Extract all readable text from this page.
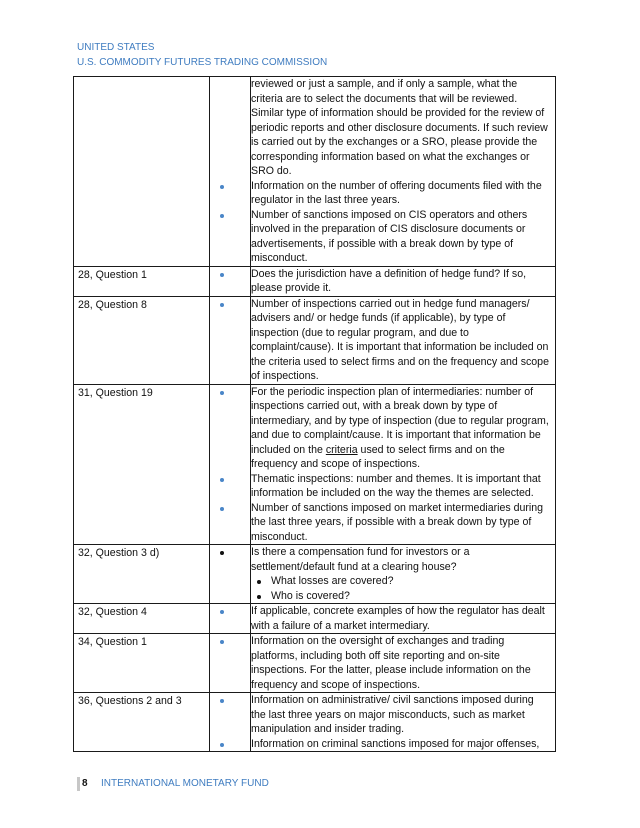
UNITED STATES
U.S. COMMODITY FUTURES TRADING COMMISSION

		reviewed or just a sample, and if only a sample, what the criteria are to select the documents that will be reviewed. Similar type of information should be provided for the review of periodic reports and other disclosure documents. If such review is carried out by the exchanges or a SRO, please provide the corresponding information based on what the exchanges or SRO do.
Information on the number of offering documents filed with the regulator in the last three years.
Number of sanctions imposed on CIS operators and others involved in the preparation of CIS disclosure documents or advertisements, if possible with a break down by type of misconduct.

28, Question 1		Does the jurisdiction have a definition of hedge fund? If so, please provide it.

28, Question 8		Number of inspections carried out in hedge fund managers/ advisers and/ or hedge funds (if applicable), by type of inspection (due to regular program, and due to complaint/cause). It is important that information be included on the criteria used to select firms and on the frequency and scope of inspections.

31, Question 19		For the periodic inspection plan of intermediaries: number of inspections carried out, with a break down by type of intermediary, and by type of inspection (due to regular program, and due to complaint/cause. It is important that information be included on the criteria used to select firms and on the frequency and scope of inspections.
Thematic inspections: number and themes. It is important that information be included on the way the themes are selected.
Number of sanctions imposed on market intermediaries during the last three years, if possible with a break down by type of misconduct.

32, Question 3 d)		Is there a compensation fund for investors or a settlement/default fund at a clearing house?
What losses are covered?
Who is covered?

32, Question 4		If applicable, concrete examples of how the regulator has dealt with a failure of a market intermediary.

34, Question 1		Information on the oversight of exchanges and trading platforms, including both off site reporting and on-site inspections. For the latter, please include information on the frequency and scope of inspections.

36, Questions 2 and 3		Information on administrative/ civil sanctions imposed during the last three years on major misconducts, such as market manipulation and insider trading.
Information on criminal sanctions imposed for major offenses,
8 INTERNATIONAL MONETARY FUND
